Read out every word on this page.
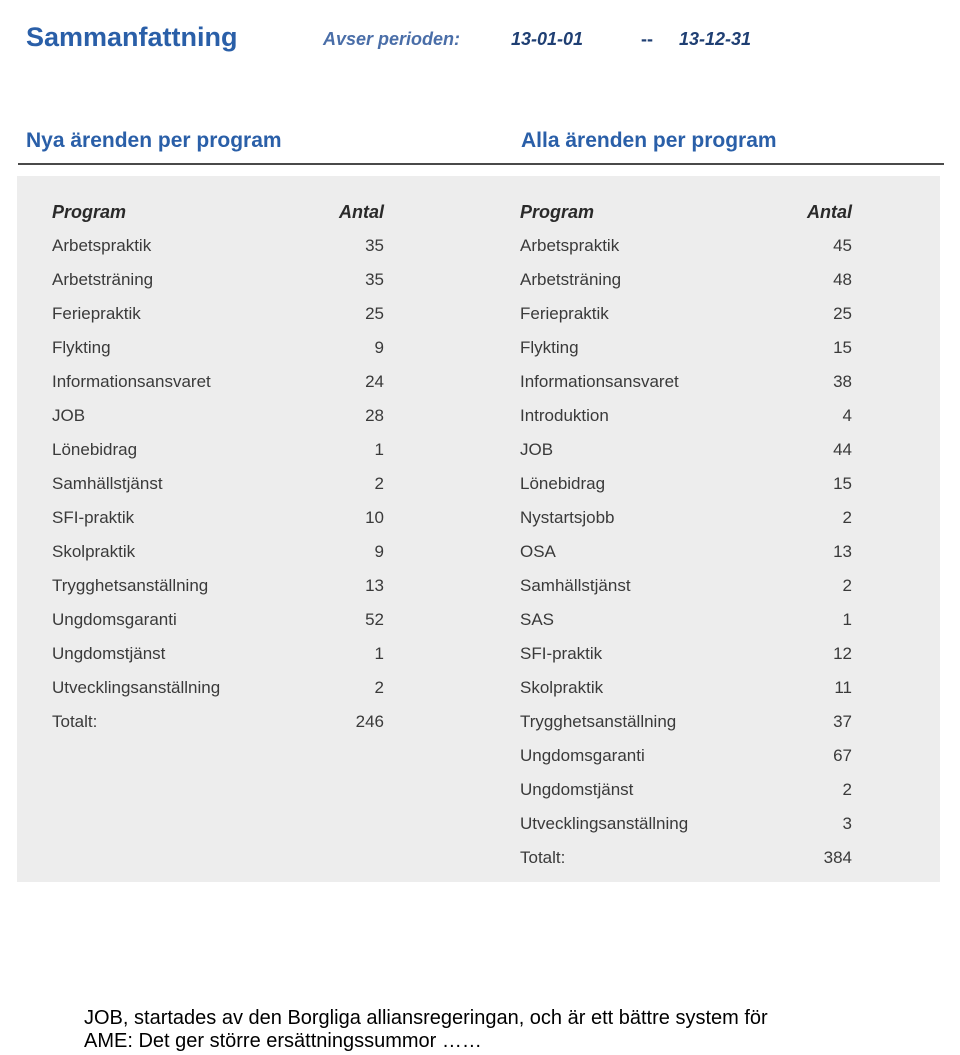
Sammanfattning	Avser perioden:	13-01-01	-- 13-12-31
Nya ärenden per program	Alla ärenden per program
Program	Antal
Arbetspraktik	35
Arbetsträning	35
Feriepraktik	25
Flykting	9
Informationsansvaret	24
JOB	28
Lönebidrag	1
Samhällstjänst	2
SFI-praktik	10
Skolpraktik	9
Trygghetsanställning	13
Ungdomsgaranti	52
Ungdomstjänst	1
Utvecklingsanställning	2
Totalt:	246
Program	Antal
Arbetspraktik	45
Arbetsträning	48
Feriepraktik	25
Flykting	15
Informationsansvaret	38
Introduktion	4
JOB	44
Lönebidrag	15
Nystartsjobb	2
OSA	13
Samhällstjänst	2
SAS	1
SFI-praktik	12
Skolpraktik	11
Trygghetsanställning	37
Ungdomsgaranti	67
Ungdomstjänst	2
Utvecklingsanställning	3
Totalt:	384
JOB, startades av den Borgliga alliansregeringan, och är ett bättre system för
AME: Det ger större ersättningssummor ……
